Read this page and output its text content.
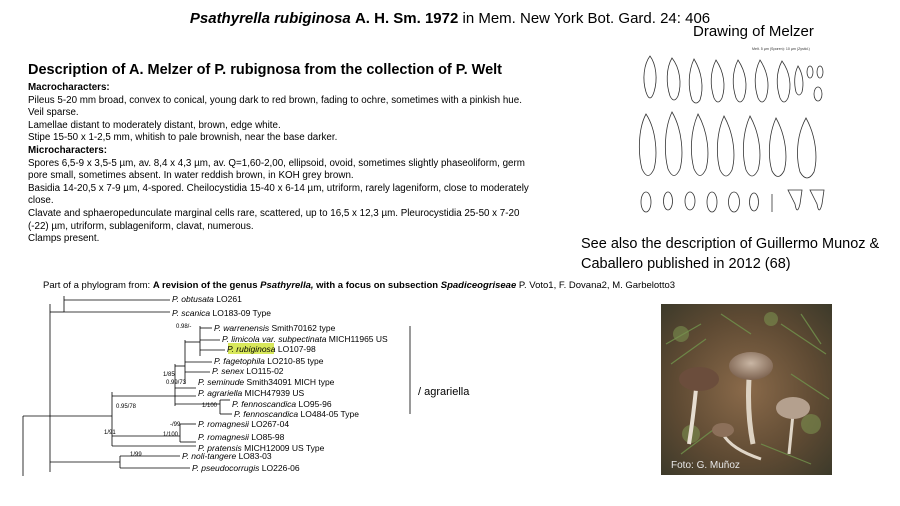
Psathyrella rubiginosa A. H. Sm. 1972 in Mem. New York Bot. Gard. 24: 406
Drawing of Melzer
Melt. 5 µm (Sporen): 10 µm (Zystid.)
Description of A. Melzer of P. rubignosa from the collection of P. Welt
Macrocharacters:
Pileus 5-20 mm broad, convex to conical, young dark to red brown, fading to ochre, sometimes with a pinkish hue. Veil sparse.
Lamellae distant to moderately distant, brown, edge white.
Stipe 15-50 x 1-2,5 mm, whitish to pale brownish, near the base darker.
Microcharacters:
Spores 6,5-9 x 3,5-5 µm, av. 8,4 x 4,3 µm, av. Q=1,60-2,00, ellipsoid, ovoid, sometimes slightly phaseoliform, germ pore small, sometimes absent. In water reddish brown, in KOH grey brown.
Basidia 14-20,5 x 7-9 µm, 4-spored. Cheilocystidia 15-40 x 6-14 µm, utriform, rarely lageniform, close to moderately close.
Clavate and sphaeropedunculate marginal cells rare, scattered, up to 16,5 x 12,3 µm. Pleurocystidia 25-50 x 7-20 (-22) µm, utriform, sublageniform, clavat, numerous.
Clamps present.	See also the description of Guillermo Munoz & Caballero published in 2012 (68)
Part of a phylogram from: A revision of the genus Psathyrella, with a focus on subsection Spadiceogriseae P. Voto1, F. Dovana2, M. Garbelotto3
P. obtusata LO261
P. scanica LO183-09 Type
P. warrenensis Smith70162 type
P. limicola var. subpectinata MICH11965 US
P. rubiginosa LO107-98
P. fagetophila LO210-85 type
P. senex LO115-02
P. seminude Smith34091 MICH type
P. agrariella MICH47939 US
P. fennoscandica LO95-96
P. fennoscandica LO484-05 Type
P. romagnesii LO267-04
P. romagnesii LO85-98
P. pratensis MICH12009 US Type
P. noli-tangere LO83-03
P. pseudocorrugis LO226-06
0.98/-
1/85
0.99/73
1/100
0.95/78
-/99
1/100
1/91
1/99
/ agrariella
Foto: G. Muñoz
